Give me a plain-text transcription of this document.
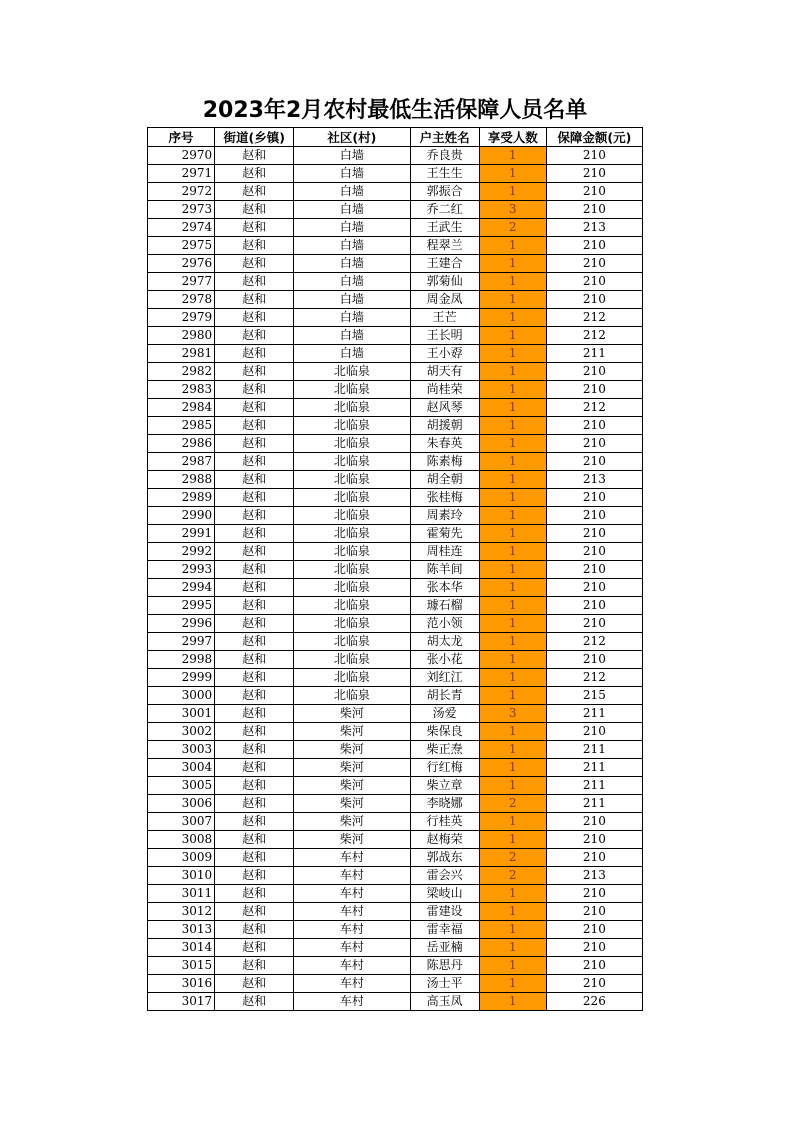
2023年2月农村最低生活保障人员名单
序号	街道(乡镇)	社区(村)	户主姓名	享受人数	保障金额(元)
2970	赵和	白墙	乔良贵	1	210
2971	赵和	白墙	王生生	1	210
2972	赵和	白墙	郭振合	1	210
2973	赵和	白墙	乔二红	3	210
2974	赵和	白墙	王武生	2	213
2975	赵和	白墙	程翠兰	1	210
2976	赵和	白墙	王建合	1	210
2977	赵和	白墙	郭菊仙	1	210
2978	赵和	白墙	周金凤	1	210
2979	赵和	白墙	王芒	1	212
2980	赵和	白墙	王长明	1	212
2981	赵和	白墙	王小孬	1	211
2982	赵和	北临泉	胡天有	1	210
2983	赵和	北临泉	尚桂荣	1	210
2984	赵和	北临泉	赵风琴	1	212
2985	赵和	北临泉	胡援朝	1	210
2986	赵和	北临泉	朱春英	1	210
2987	赵和	北临泉	陈素梅	1	210
2988	赵和	北临泉	胡全朝	1	213
2989	赵和	北临泉	张桂梅	1	210
2990	赵和	北临泉	周素玲	1	210
2991	赵和	北临泉	霍菊先	1	210
2992	赵和	北临泉	周桂连	1	210
2993	赵和	北临泉	陈羊间	1	210
2994	赵和	北临泉	张本华	1	210
2995	赵和	北临泉	璩石榴	1	210
2996	赵和	北临泉	范小领	1	210
2997	赵和	北临泉	胡太龙	1	212
2998	赵和	北临泉	张小花	1	210
2999	赵和	北临泉	刘红江	1	212
3000	赵和	北临泉	胡长青	1	215
3001	赵和	柴河	汤爱	3	211
3002	赵和	柴河	柴保良	1	210
3003	赵和	柴河	柴正焘	1	211
3004	赵和	柴河	行红梅	1	211
3005	赵和	柴河	柴立章	1	211
3006	赵和	柴河	李晓娜	2	211
3007	赵和	柴河	行桂英	1	210
3008	赵和	柴河	赵梅荣	1	210
3009	赵和	车村	郭战东	2	210
3010	赵和	车村	雷会兴	2	213
3011	赵和	车村	梁岐山	1	210
3012	赵和	车村	雷建设	1	210
3013	赵和	车村	雷幸福	1	210
3014	赵和	车村	岳亚楠	1	210
3015	赵和	车村	陈思丹	1	210
3016	赵和	车村	汤士平	1	210
3017	赵和	车村	高玉凤	1	226
